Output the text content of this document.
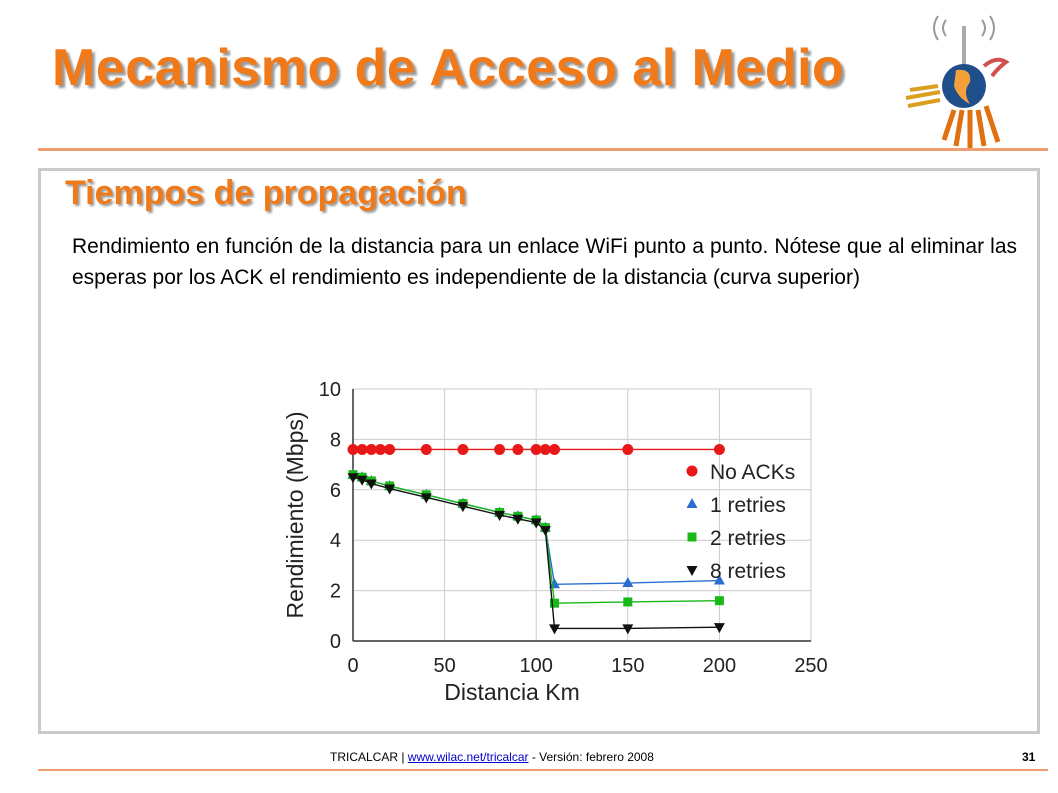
Mecanismo de Acceso al Medio
Tiempos de propagación

Rendimiento en función de la distancia para un enlace WiFi punto a punto. Nótese que al eliminar las esperas por los ACK el rendimiento es independiente de la distancia (curva superior)

0
2
4
6
8
10
0	50	100	150	200	250
Distancia Km
Rendimiento (Mbps)	No ACKs
1 retries
2 retries
8 retries
TRICALCAR | www.wilac.net/tricalcar - Versión: febrero 2008	31
